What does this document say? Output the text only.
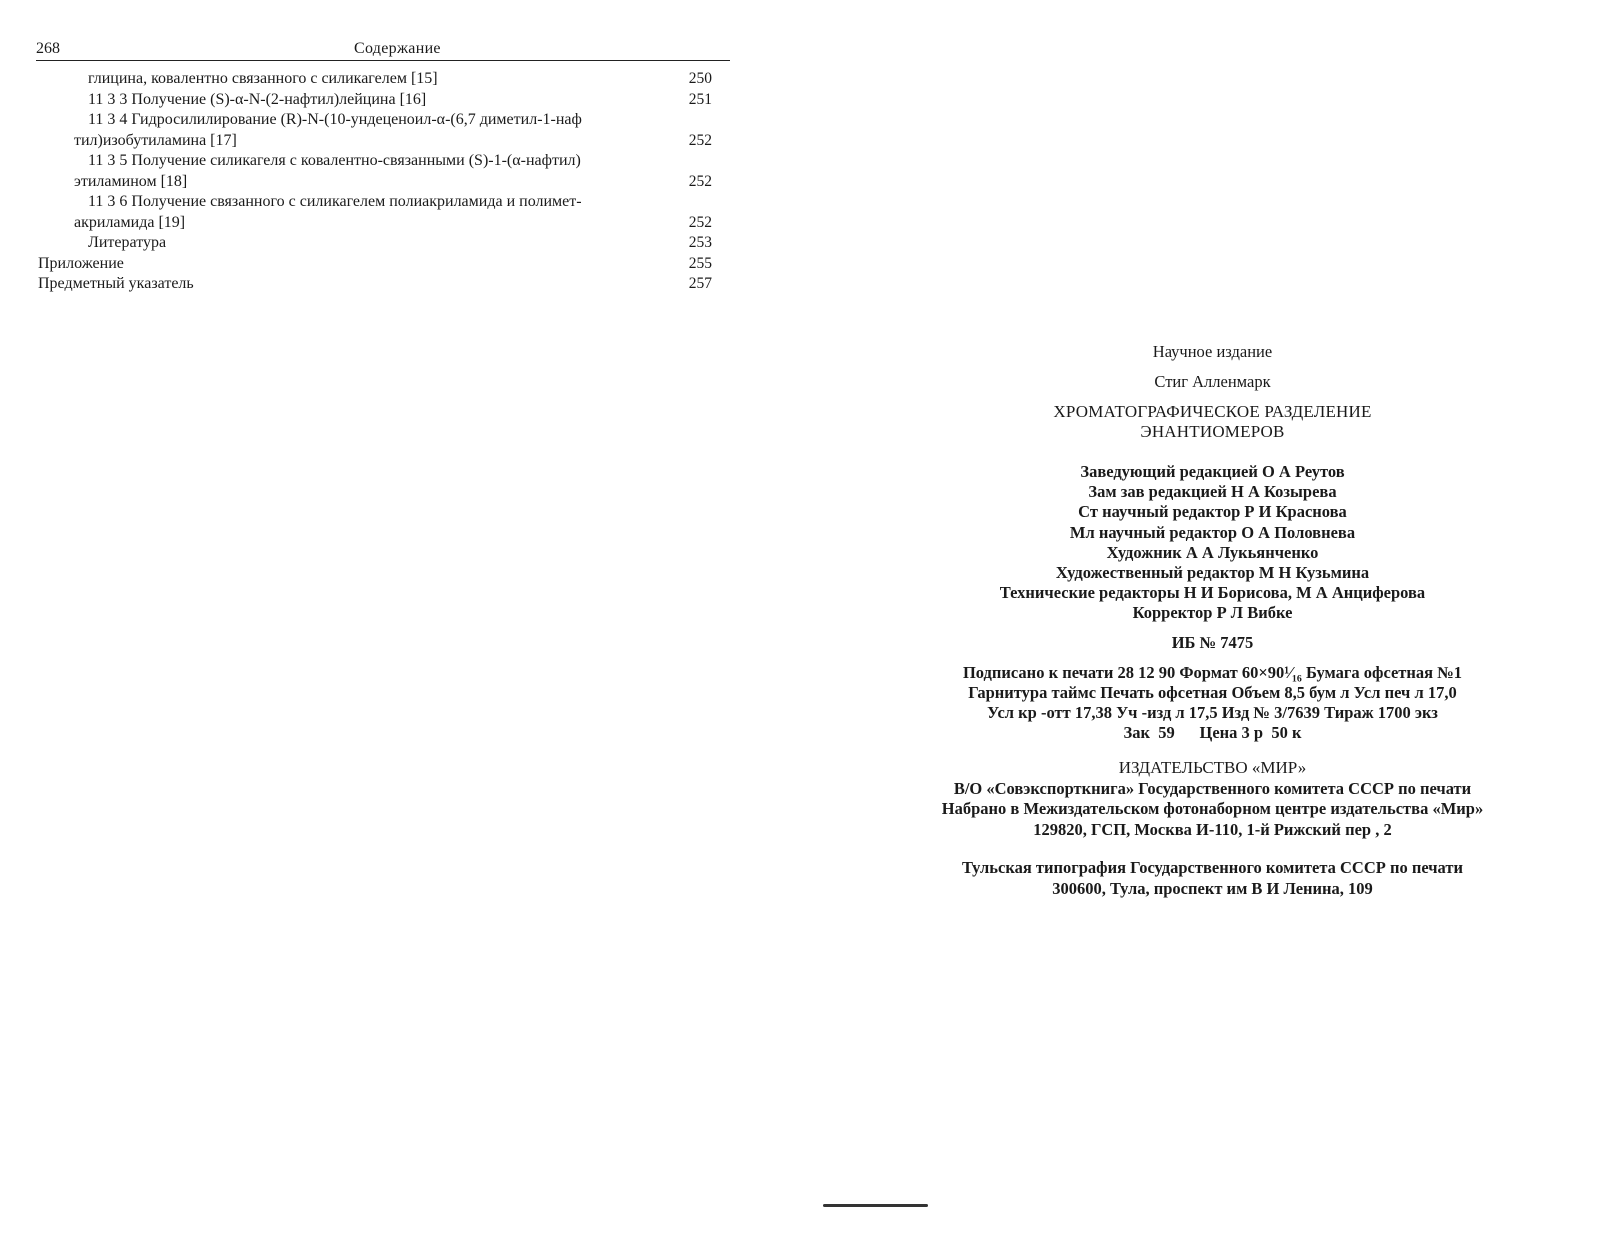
268	Содержание
глицина, ковалентно связанного с силикагелем [15]	250
11 3 3 Получение (S)-α-N-(2-нафтил)лейцина [16]	251
11 3 4 Гидросилилирование (R)-N-(10-ундеценоил-α-(6,7 диметил-1-наф тил)изобутиламина [17]	252
11 3 5 Получение силикагеля с ковалентно-связанными (S)-1-(α-нафтил) этиламином [18]	252
11 3 6 Получение связанного с силикагелем полиакриламида и полимет-акриламида [19]	252
Литература	253
Приложение	255
Предметный указатель	257

Научное издание

Стиг Алленмарк

ХРОМАТОГРАФИЧЕСКОЕ РАЗДЕЛЕНИЕ
ЭНАНТИОМЕРОВ
Заведующий редакцией О А Реутов
Зам зав редакцией Н А Козырева
Ст научный редактор Р И Краснова
Мл научный редактор О А Половнева
Художник А А Лукьянченко
Художественный редактор М Н Кузьмина
Технические редакторы Н И Борисова, М А Анциферова
Корректор Р Л Вибке

ИБ № 7475

Подписано к печати 28 12 90 Формат 60×90¹⁄₁₆ Бумага офсетная №1
Гарнитура таймс Печать офсетная Объем 8,5 бум л Усл печ л 17,0
Усл кр -отт 17,38 Уч -изд л 17,5 Изд № 3/7639 Тираж 1700 экз
Зак  59      Цена 3 р  50 к
ИЗДАТЕЛЬСТВО «МИР»
В/О «Совэкспорткнига» Государственного комитета СССР по печати
Набрано в Межиздательском фотонаборном центре издательства «Мир»
129820, ГСП, Москва И-110, 1-й Рижский пер , 2
Тульская типография Государственного комитета СССР по печати
300600, Тула, проспект им В И Ленина, 109
